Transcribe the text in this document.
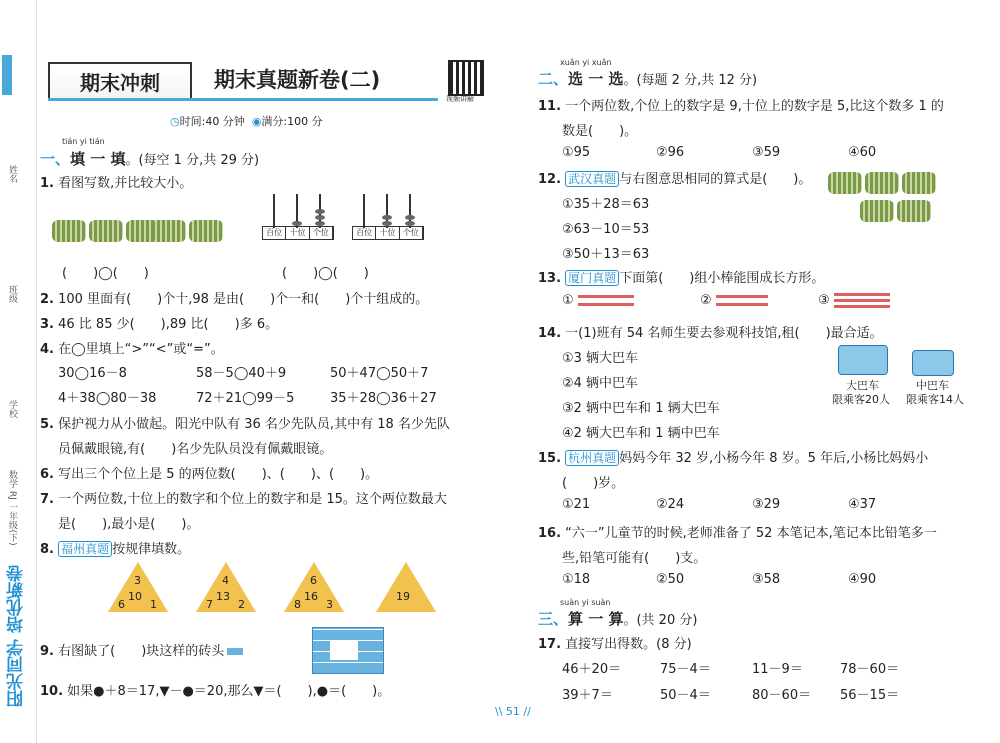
姓名
班级
学校
数学 RJ 一年级(下)
阳光同学 培优新卷
期末冲刺	期末真题新卷(二)
视频讲解
◷时间:40 分钟 ◉满分:100 分
tián yi tián
一、填 一 填。(每空 1 分,共 29 分)
1. 看图写数,并比较大小。
百位 十位 个位	百位 十位 个位
(　　)◯(　　)	(　　)◯(　　)
2. 100 里面有(　　)个十,98 是由(　　)个一和(　　)个十组成的。
3. 46 比 85 少(　　),89 比(　　)多 6。
4. 在◯里填上“>”“<”或“=”。
30◯16－8	58－5◯40＋9	50＋47◯50＋7
4＋38◯80－38	72＋21◯99－5	35＋28◯36＋27
5. 保护视力从小做起。阳光中队有 36 名少先队员,其中有 18 名少先队
员佩戴眼镜,有(　　)名少先队员没有佩戴眼镜。
6. 写出三个个位上是 5 的两位数(　　)、(　　)、(　　)。
7. 一个两位数,十位上的数字和个位上的数字和是 15。这个两位数最大
是(　　),最小是(　　)。
8. 福州真题 按规律填数。
3
6 1
10
4
7 2
13
6
8 3
16	19
9. 右图缺了(　　)块这样的砖头
10. 如果●＋8＝17,▼－●＝20,那么▼＝(　　),●＝(　　)。
xuǎn yi xuǎn
二、选 一 选。(每题 2 分,共 12 分)
11. 一个两位数,个位上的数字是 9,十位上的数字是 5,比这个数多 1 的
数是(　　)。
①95	②96	③59	④60
12. 武汉真题 与右图意思相同的算式是(　　)。
①35＋28＝63
②63－10＝53
③50＋13＝63
13. 厦门真题 下面第(　　)组小棒能围成长方形。
①	②	③
14. 一(1)班有 54 名师生要去参观科技馆,租(　　)最合适。
①3 辆大巴车
②4 辆中巴车
③2 辆中巴车和 1 辆大巴车
④2 辆大巴车和 1 辆中巴车
大巴车
限乘客20人
中巴车
限乘客14人
15. 杭州真题 妈妈今年 32 岁,小杨今年 8 岁。5 年后,小杨比妈妈小
(　　)岁。
①21	②24	③29	④37
16. “六一”儿童节的时候,老师准备了 52 本笔记本,笔记本比铅笔多一
些,铅笔可能有(　　)支。
①18	②50	③58	④90
suàn yi suàn
三、算 一 算。(共 20 分)
17. 直接写出得数。(8 分)
46＋20＝	75－4＝	11－9＝	78－60＝
39＋7＝	50－4＝	80－60＝ 56－15＝
\\ 51 //
